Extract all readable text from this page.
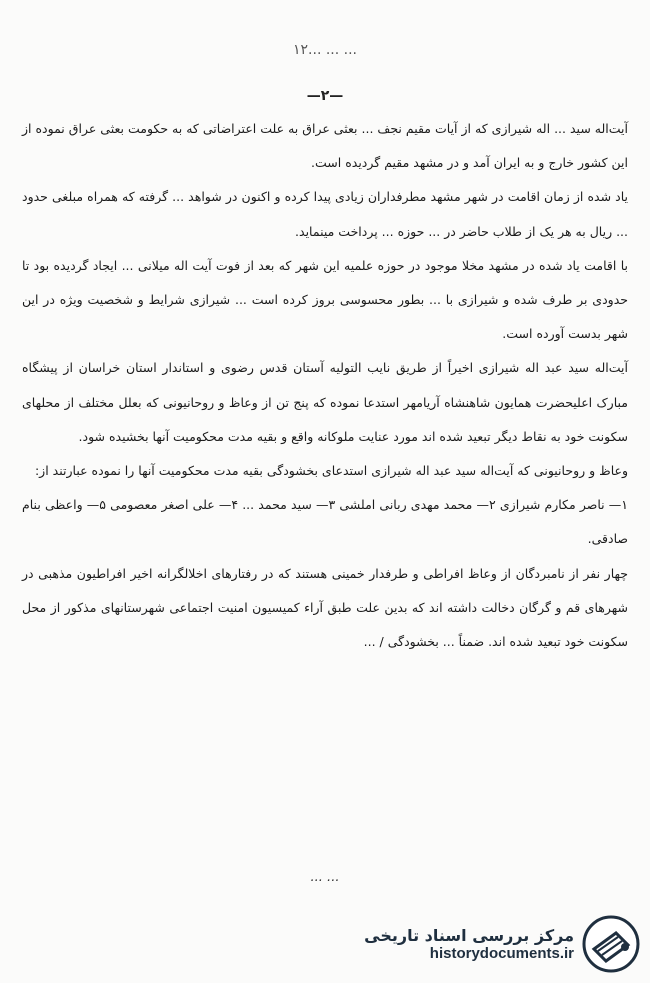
۱۲... ... ...
—۲—

آیت‌اله سید ... اله شیرازی که از آیات مقیم نجف ... بعثی عراق به علت اعتراضاتی که به حکومت بعثی عراق نموده از این کشور خارج و به ایران آمد و در مشهد مقیم گردیده است.

یاد شده از زمان اقامت در شهر مشهد مطرفداران زیادی پیدا کرده و اکنون در شواهد ... گرفته که همراه مبلغی حدود ... ریال به هر یک از طلاب حاضر در ... حوزه ... پرداخت مینماید.

با اقامت یاد شده در مشهد مخلا موجود در حوزه علمیه این شهر که بعد از فوت آیت اله میلانی ... ایجاد گردیده بود تا حدودی بر طرف شده و شیرازی با ... بطور محسوسی بروز کرده است ... شیرازی شرایط و شخصیت ویژه در این شهر بدست آورده است.

آیت‌اله سید عبد اله شیرازی اخیراً از طریق نایب التولیه آستان قدس رضوی و استاندار استان خراسان از پیشگاه مبارک اعلیحضرت همایون شاهنشاه آریامهر استدعا نموده که پنج تن از وعاظ و روحانیونی که بعلل مختلف از محلهای سکونت خود به نقاط دیگر تبعید شده اند مورد عنایت ملوکانه واقع و بقیه مدت محکومیت آنها بخشیده شود.

وعاظ و روحانیونی که آیت‌اله سید عبد اله شیرازی استدعای بخشودگی بقیه مدت محکومیت آنها را نموده عبارتند از:

۱— ناصر مکارم شیرازی ۲— محمد مهدی ربانی املشی ۳— سید محمد ... ۴— علی اصغر معصومی ۵— واعظی بنام صادقی.

چهار نفر از نامبردگان از وعاظ افراطی و طرفدار خمینی هستند که در رفتارهای اخلالگرانه اخیر افراطیون مذهبی در شهرهای قم و گرگان دخالت داشته اند که بدین علت طبق آراء کمیسیون امنیت اجتماعی شهرستانهای مذکور از محل سکونت خود تبعید شده اند. ضمناً ... بخشودگی / ...

... ...
مرکز بررسی اسناد تاریخی
historydocuments.ir
